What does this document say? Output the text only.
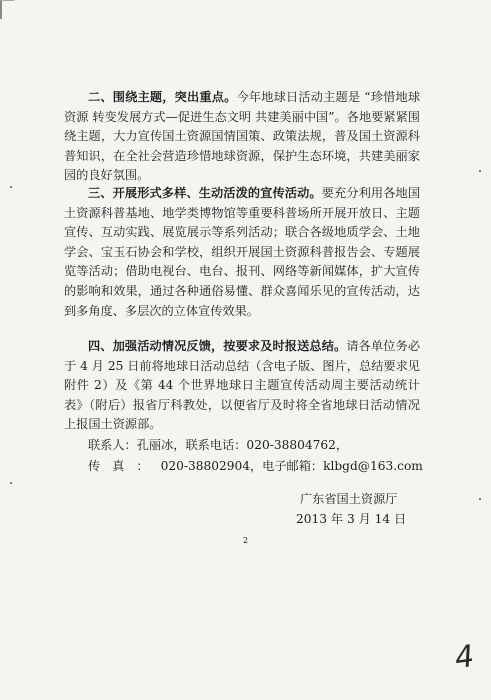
二、围绕主题，突出重点。今年地球日活动主题是 “珍惜地球资源 转变发展方式—促进生态文明 共建美丽中国”。各地要紧紧围绕主题，大力宣传国土资源国情国策、政策法规，普及国土资源科普知识，在全社会营造珍惜地球资源，保护生态环境，共建美丽家园的良好氛围。

三、开展形式多样、生动活泼的宣传活动。要充分利用各地国土资源科普基地、地学类博物馆等重要科普场所开展开放日、主题宣传、互动实践、展览展示等系列活动；联合各级地质学会、土地学会、宝玉石协会和学校，组织开展国土资源科普报告会、专题展览等活动；借助电视台、电台、报刊、网络等新闻媒体，扩大宣传的影响和效果，通过各种通俗易懂、群众喜闻乐见的宣传活动，达到多角度、多层次的立体宣传效果。

四、加强活动情况反馈，按要求及时报送总结。请各单位务必于 4 月 25 日前将地球日活动总结（含电子版、图片，总结要求见附件 2）及《第 44 个世界地球日主题宣传活动周主要活动统计表》（附后）报省厅科教处，以便省厅及时将全省地球日活动情况上报国土资源部。

联系人：孔丽冰，联系电话：020-38804762，
传真：020-38802904，电子邮箱：klbgd@163.com
广东省国土资源厅
2013 年 3 月 14 日
2
4
